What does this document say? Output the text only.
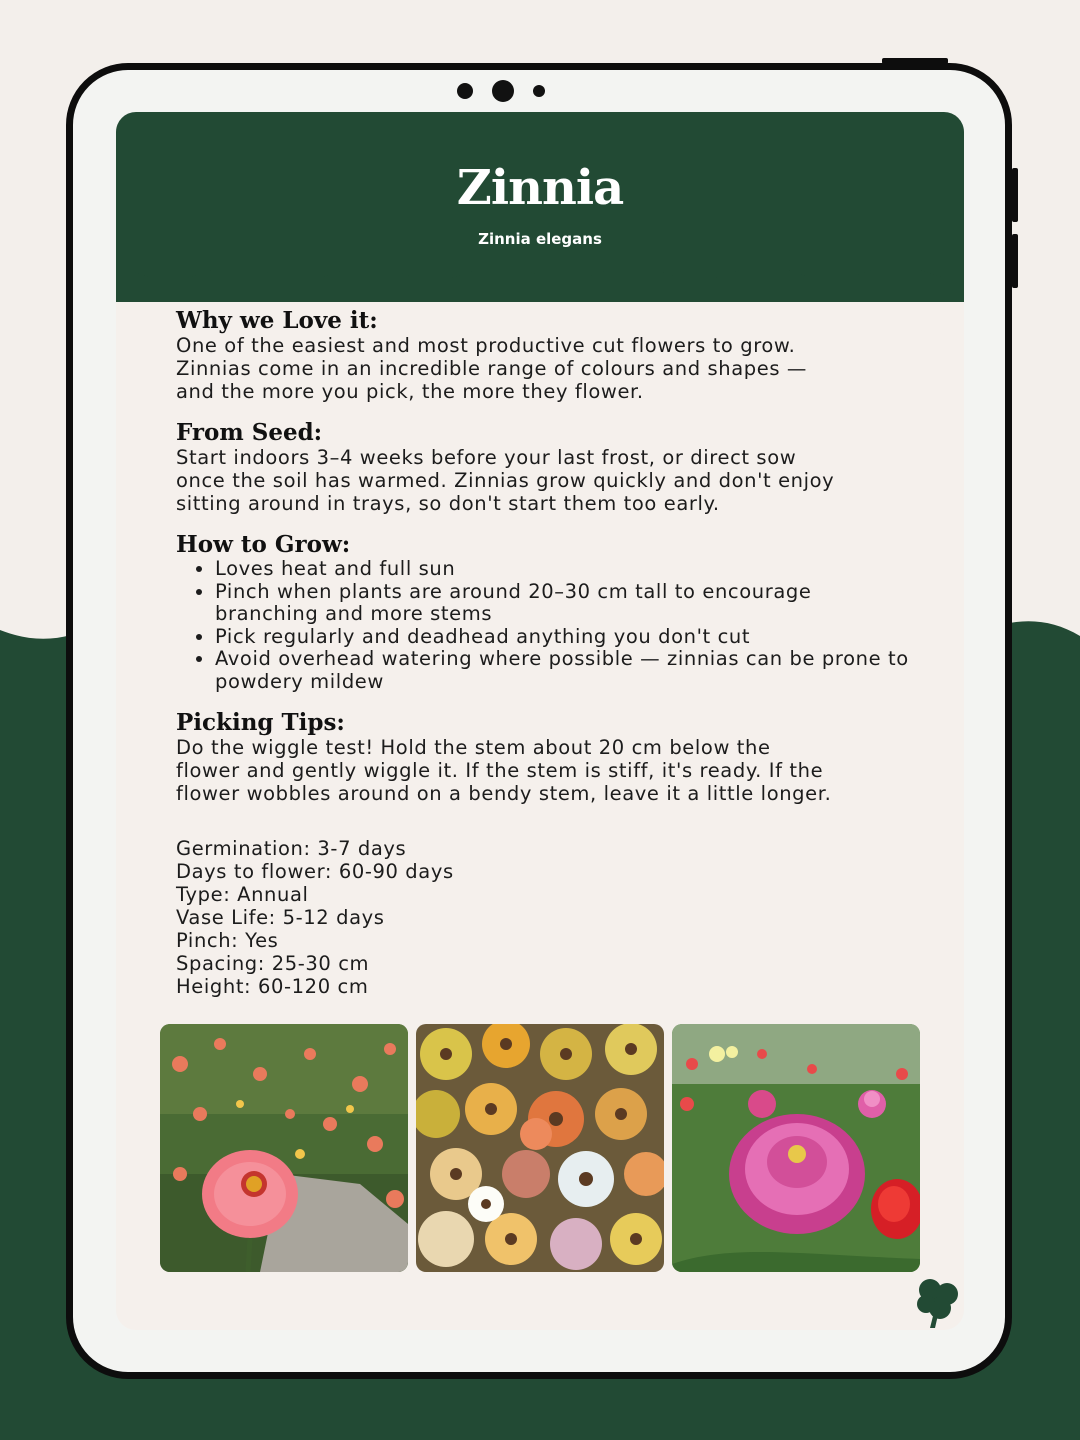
Zinnia
Zinnia elegans
Why we Love it:

One of the easiest and most productive cut flowers to grow.

Zinnias come in an incredible range of colours and shapes —

and the more you pick, the more they flower.

From Seed:

Start indoors 3–4 weeks before your last frost, or direct sow

once the soil has warmed. Zinnias grow quickly and don't enjoy

sitting around in trays, so don't start them too early.

How to Grow:
• Loves heat and full sun
• Pinch when plants are around 20–30 cm tall to encourage branching and more stems
• Pick regularly and deadhead anything you don't cut
• Avoid overhead watering where possible — zinnias can be prone to powdery mildew
Picking Tips:

Do the wiggle test! Hold the stem about 20 cm below the

flower and gently wiggle it. If the stem is stiff, it's ready. If the

flower wobbles around on a bendy stem, leave it a little longer.

Germination: 3-7 days
Days to flower: 60-90 days
Type: Annual
Vase Life: 5-12 days
Pinch: Yes
Spacing: 25-30 cm
Height: 60-120 cm
